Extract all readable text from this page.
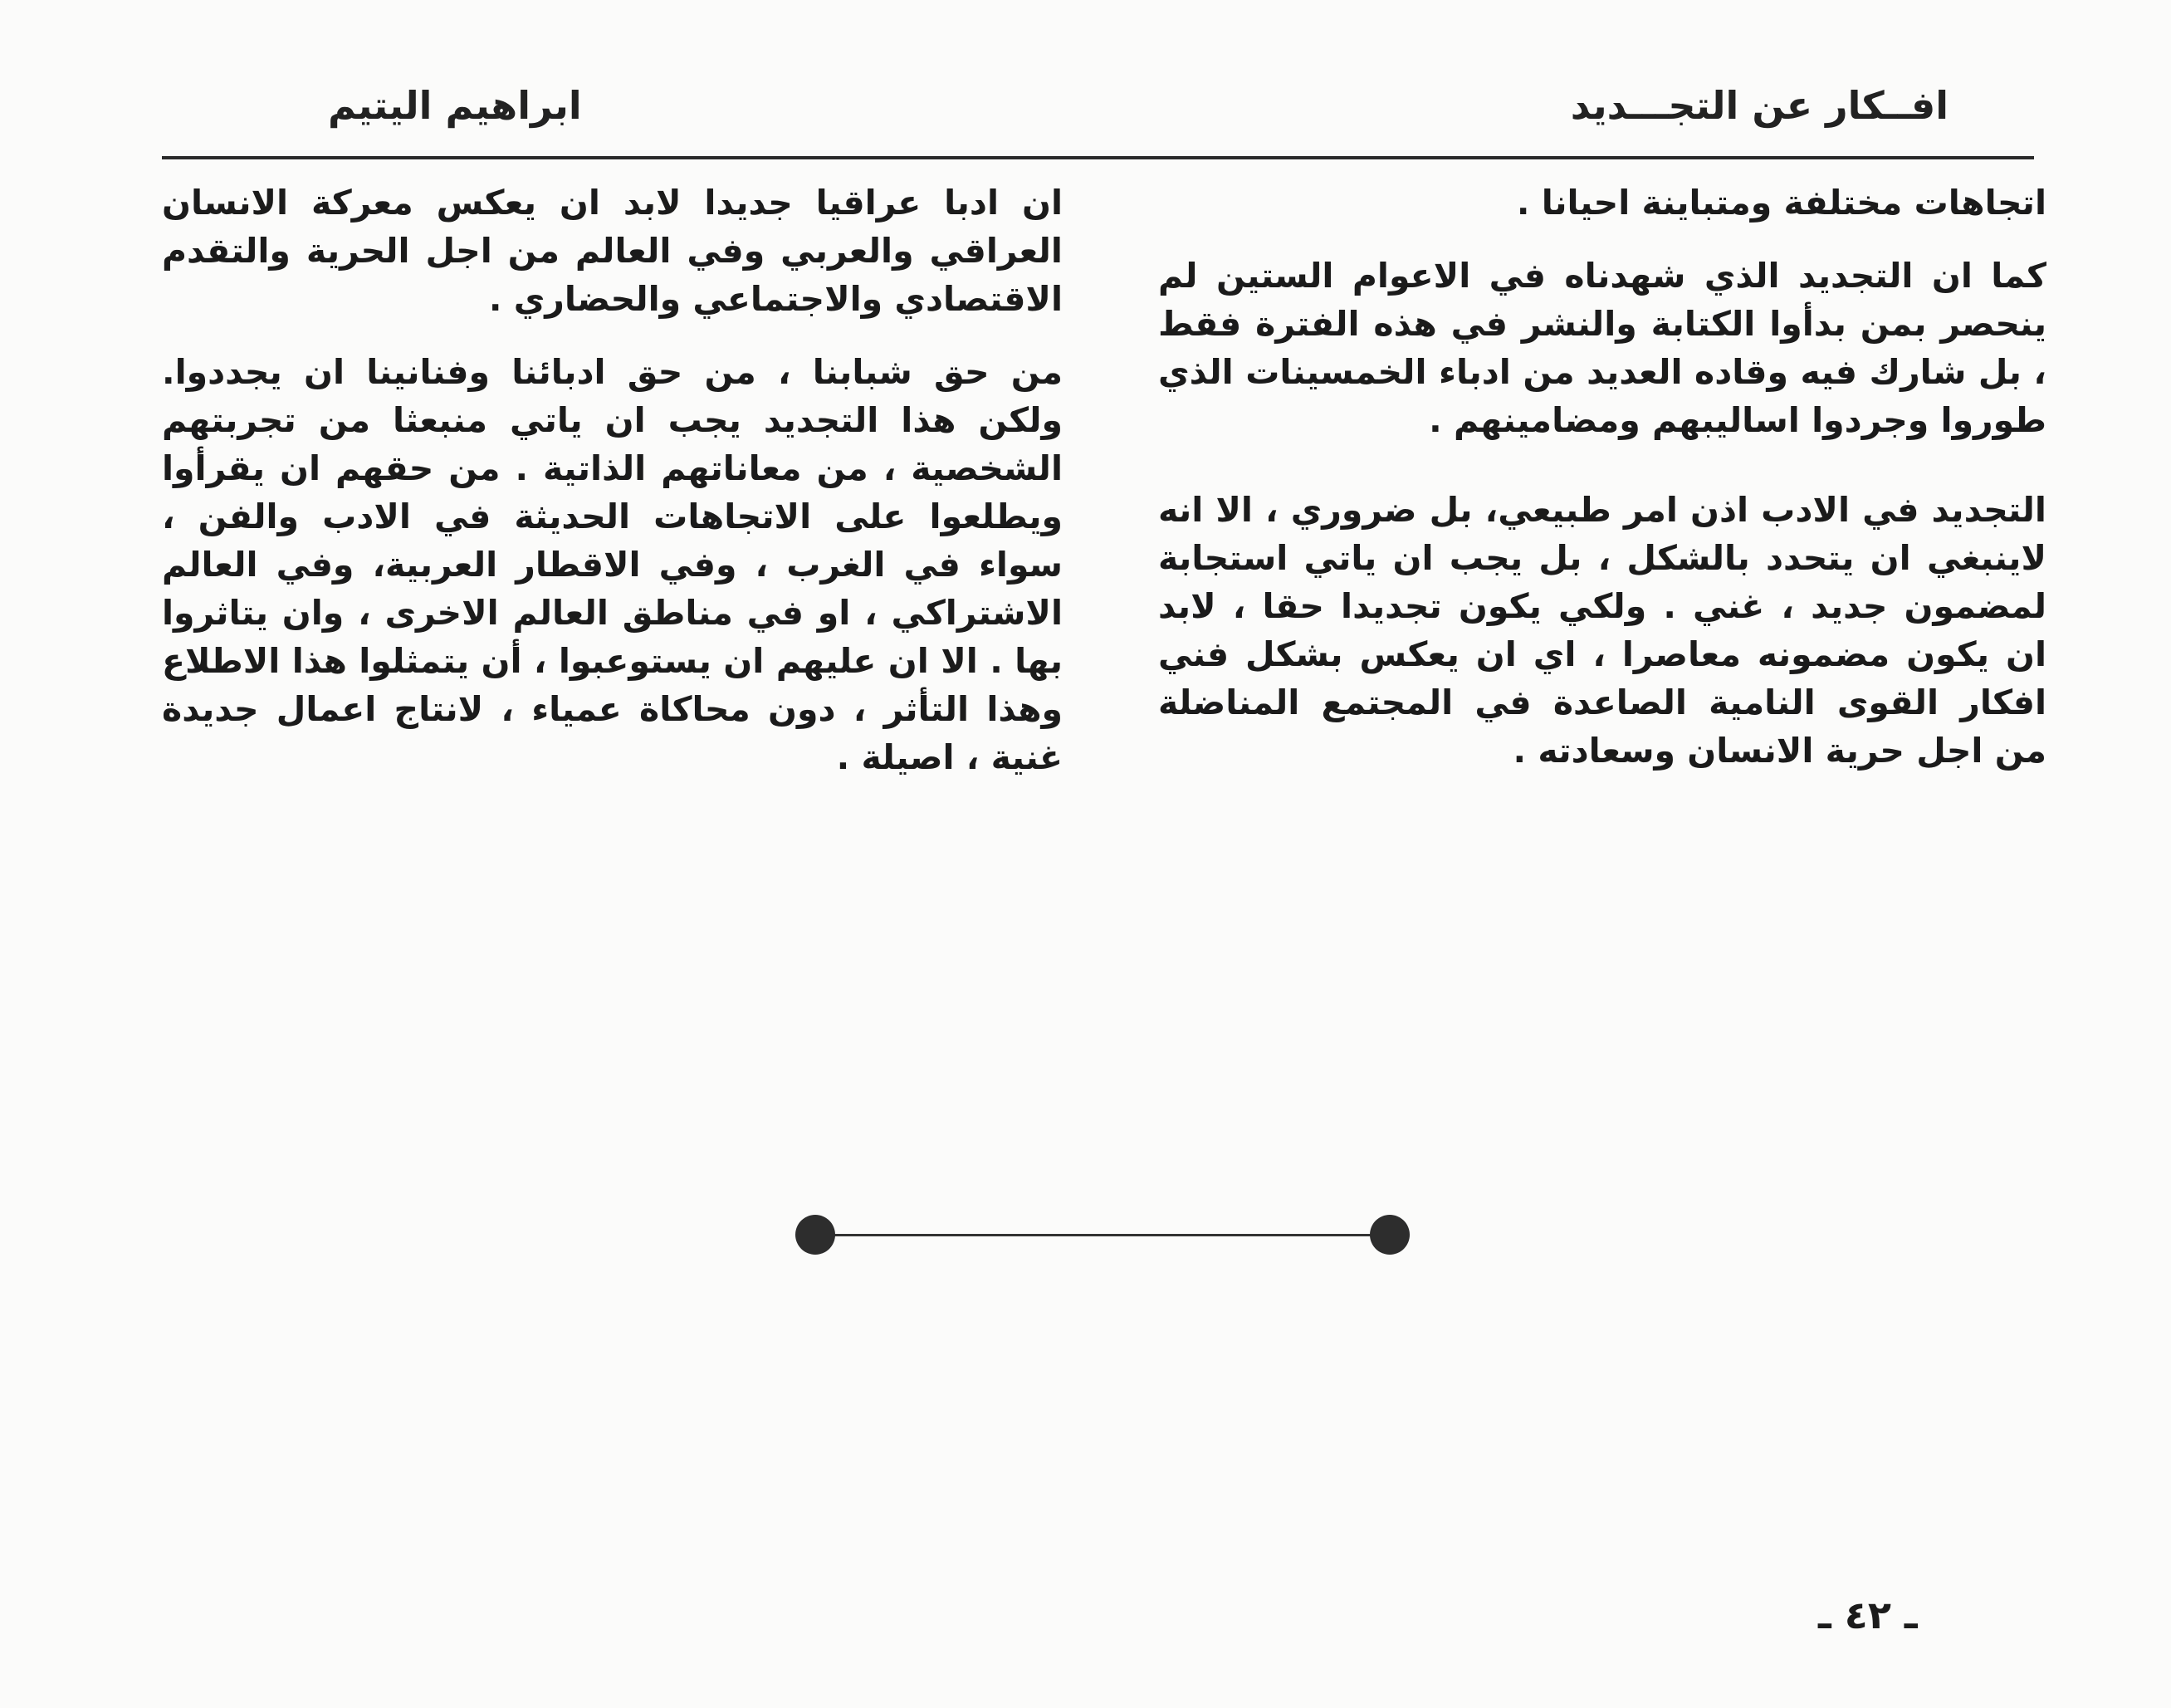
افــكار عن التجـــديد
ابراهيم اليتيم

اتجاهات مختلفة ومتباينة احيانا .

كما ان التجديد الذي شهدناه في الاعوام الستين لم ينحصر بمن بدأوا الكتابة والنشر في هذه الفترة فقط ، بل شارك فيه وقاده العديد من ادباء الخمسينات الذي طوروا وجردوا اساليبهم ومضامينهم .

التجديد في الادب اذن امر طبيعي، بل ضروري ، الا انه لاينبغي ان يتحدد بالشكل ، بل يجب ان ياتي استجابة لمضمون جديد ، غني . ولكي يكون تجديدا حقا ، لابد ان يكون مضمونه معاصرا ، اي ان يعكس بشكل فني افكار القوى النامية الصاعدة في المجتمع المناضلة من اجل حرية الانسان وسعادته .

ان ادبا عراقيا جديدا لابد ان يعكس معركة الانسان العراقي والعربي وفي العالم من اجل الحرية والتقدم الاقتصادي والاجتماعي والحضاري .

من حق شبابنا ، من حق ادبائنا وفنانينا ان يجددوا. ولكن هذا التجديد يجب ان ياتي منبعثا من تجربتهم الشخصية ، من معاناتهم الذاتية . من حقهم ان يقرأوا ويطلعوا على الاتجاهات الحديثة في الادب والفن ، سواء في الغرب ، وفي الاقطار العربية، وفي العالم الاشتراكي ، او في مناطق العالم الاخرى ، وان يتاثروا بها . الا ان عليهم ان يستوعبوا ، أن يتمثلوا هذا الاطلاع وهذا التأثر ، دون محاكاة عمياء ، لانتاج اعمال جديدة غنية ، اصيلة .

ـ ٤٢ ـ
